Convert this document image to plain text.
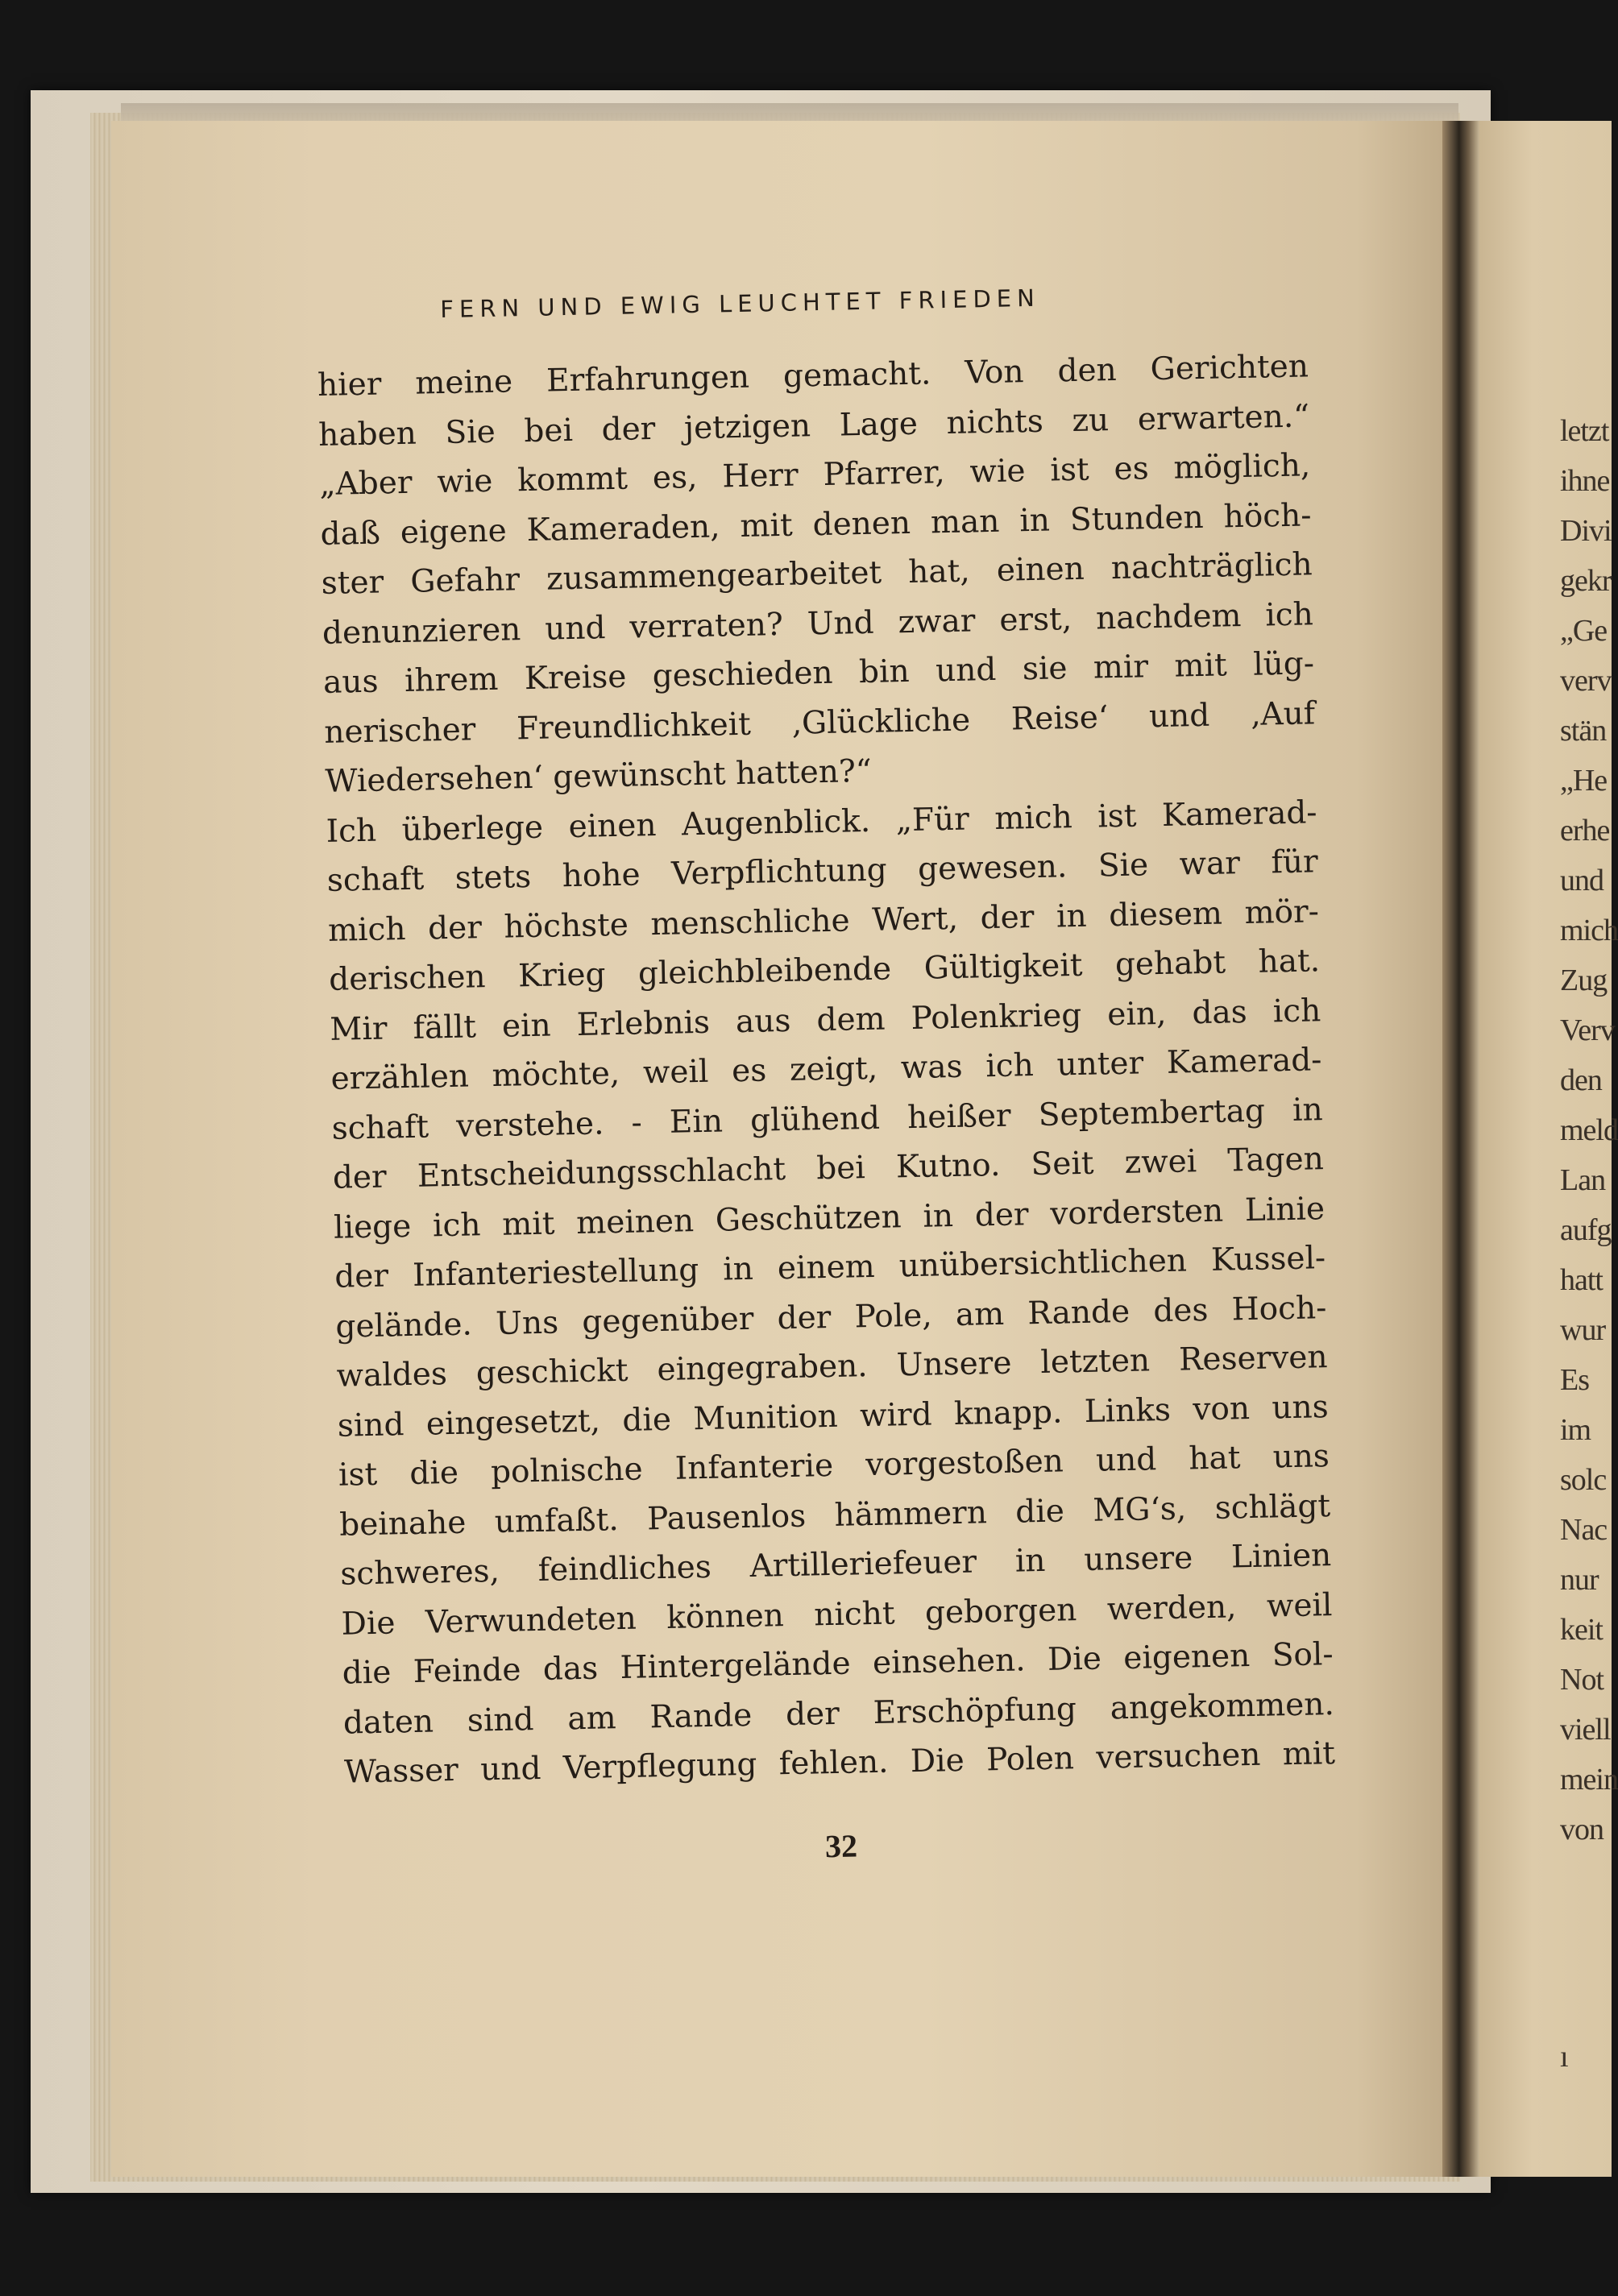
letzt

ihne

Divi

gekr

„Ge

verv

stän

„He

erhe

und

mich

Zug

Verv

den

meld

Lan

aufg

hatt

wur

Es

im

solc

Nac

nur

keit

Not

viell

mein

von

ı

FERN UND EWIG LEUCHTET FRIEDEN

hier meine Erfahrungen gemacht. Von den Gerichten

haben Sie bei der jetzigen Lage nichts zu erwarten.“

„Aber wie kommt es, Herr Pfarrer, wie ist es möglich,

daß eigene Kameraden, mit denen man in Stunden höch-

ster Gefahr zusammengearbeitet hat, einen nachträglich

denunzieren und verraten? Und zwar erst, nachdem ich

aus ihrem Kreise geschieden bin und sie mir mit lüg-

nerischer Freundlichkeit ‚Glückliche Reise‘ und ‚Auf

Wiedersehen‘ gewünscht hatten?“

Ich überlege einen Augenblick. „Für mich ist Kamerad-

schaft stets hohe Verpflichtung gewesen. Sie war für

mich der höchste menschliche Wert, der in diesem mör-

derischen Krieg gleichbleibende Gültigkeit gehabt hat.

Mir fällt ein Erlebnis aus dem Polenkrieg ein, das ich

erzählen möchte, weil es zeigt, was ich unter Kamerad-

schaft verstehe. - Ein glühend heißer Septembertag in

der Entscheidungsschlacht bei Kutno. Seit zwei Tagen

liege ich mit meinen Geschützen in der vordersten Linie

der Infanteriestellung in einem unübersichtlichen Kussel-

gelände. Uns gegenüber der Pole, am Rande des Hoch-

waldes geschickt eingegraben. Unsere letzten Reserven

sind eingesetzt, die Munition wird knapp. Links von uns

ist die polnische Infanterie vorgestoßen und hat uns

beinahe umfaßt. Pausenlos hämmern die MG‘s, schlägt

schweres, feindliches Artilleriefeuer in unsere Linien

Die Verwundeten können nicht geborgen werden, weil

die Feinde das Hintergelände einsehen. Die eigenen Sol-

daten sind am Rande der Erschöpfung angekommen.

Wasser und Verpflegung fehlen. Die Polen versuchen mit

32
